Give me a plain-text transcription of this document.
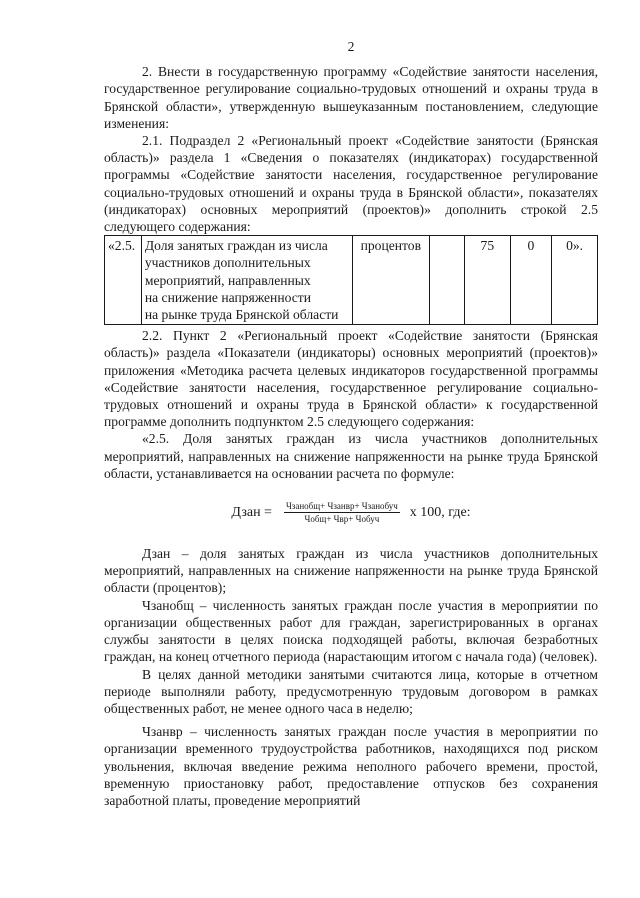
2

2. Внести в государственную программу «Содействие занятости населения, государственное регулирование социально-трудовых отношений и охраны труда в Брянской области», утвержденную вышеуказанным постановлением, следующие изменения:

2.1. Подраздел 2 «Региональный проект «Содействие занятости (Брянская область)» раздела 1 «Сведения о показателях (индикаторах) государственной программы «Содействие занятости населения, государственное регулирование социально-трудовых отношений и охраны труда в Брянской области», показателях (индикаторах) основных мероприятий (проектов)» дополнить строкой 2.5 следующего содержания:

«2.5.	Доля занятых граждан из числа
участников дополнительных
мероприятий, направленных
на снижение напряженности
на рынке труда Брянской области	процентов		75	0	0».

2.2. Пункт 2 «Региональный проект «Содействие занятости (Брянская область)» раздела «Показатели (индикаторы) основных мероприятий (проектов)» приложения «Методика расчета целевых индикаторов государственной программы «Содействие занятости населения, государственное регулирование социально-трудовых отношений и охраны труда в Брянской области» к государственной программе дополнить подпунктом 2.5 следующего содержания:

«2.5. Доля занятых граждан из числа участников дополнительных мероприятий, направленных на снижение напряженности на рынке труда Брянской области, устанавливается на основании расчета по формуле:

Дзан = $\frac{\text{Чзанобщ+ Чзанвр+ Чзанобуч}}{\text{Чобщ+ Чвр+ Чобуч}}$ x 100, где:

Дзан – доля занятых граждан из числа участников дополнительных мероприятий, направленных на снижение напряженности на рынке труда Брянской области (процентов);

Чзанобщ – численность занятых граждан после участия в мероприятии по организации общественных работ для граждан, зарегистрированных в органах службы занятости в целях поиска подходящей работы, включая безработных граждан, на конец отчетного периода (нарастающим итогом с начала года) (человек).

В целях данной методики занятыми считаются лица, которые в отчетном периоде выполняли работу, предусмотренную трудовым договором в рамках общественных работ, не менее одного часа в неделю;

Чзанвр – численность занятых граждан после участия в мероприятии по организации временного трудоустройства работников, находящихся под риском увольнения, включая введение режима неполного рабочего времени, простой, временную приостановку работ, предоставление отпусков без сохранения заработной платы, проведение мероприятий
